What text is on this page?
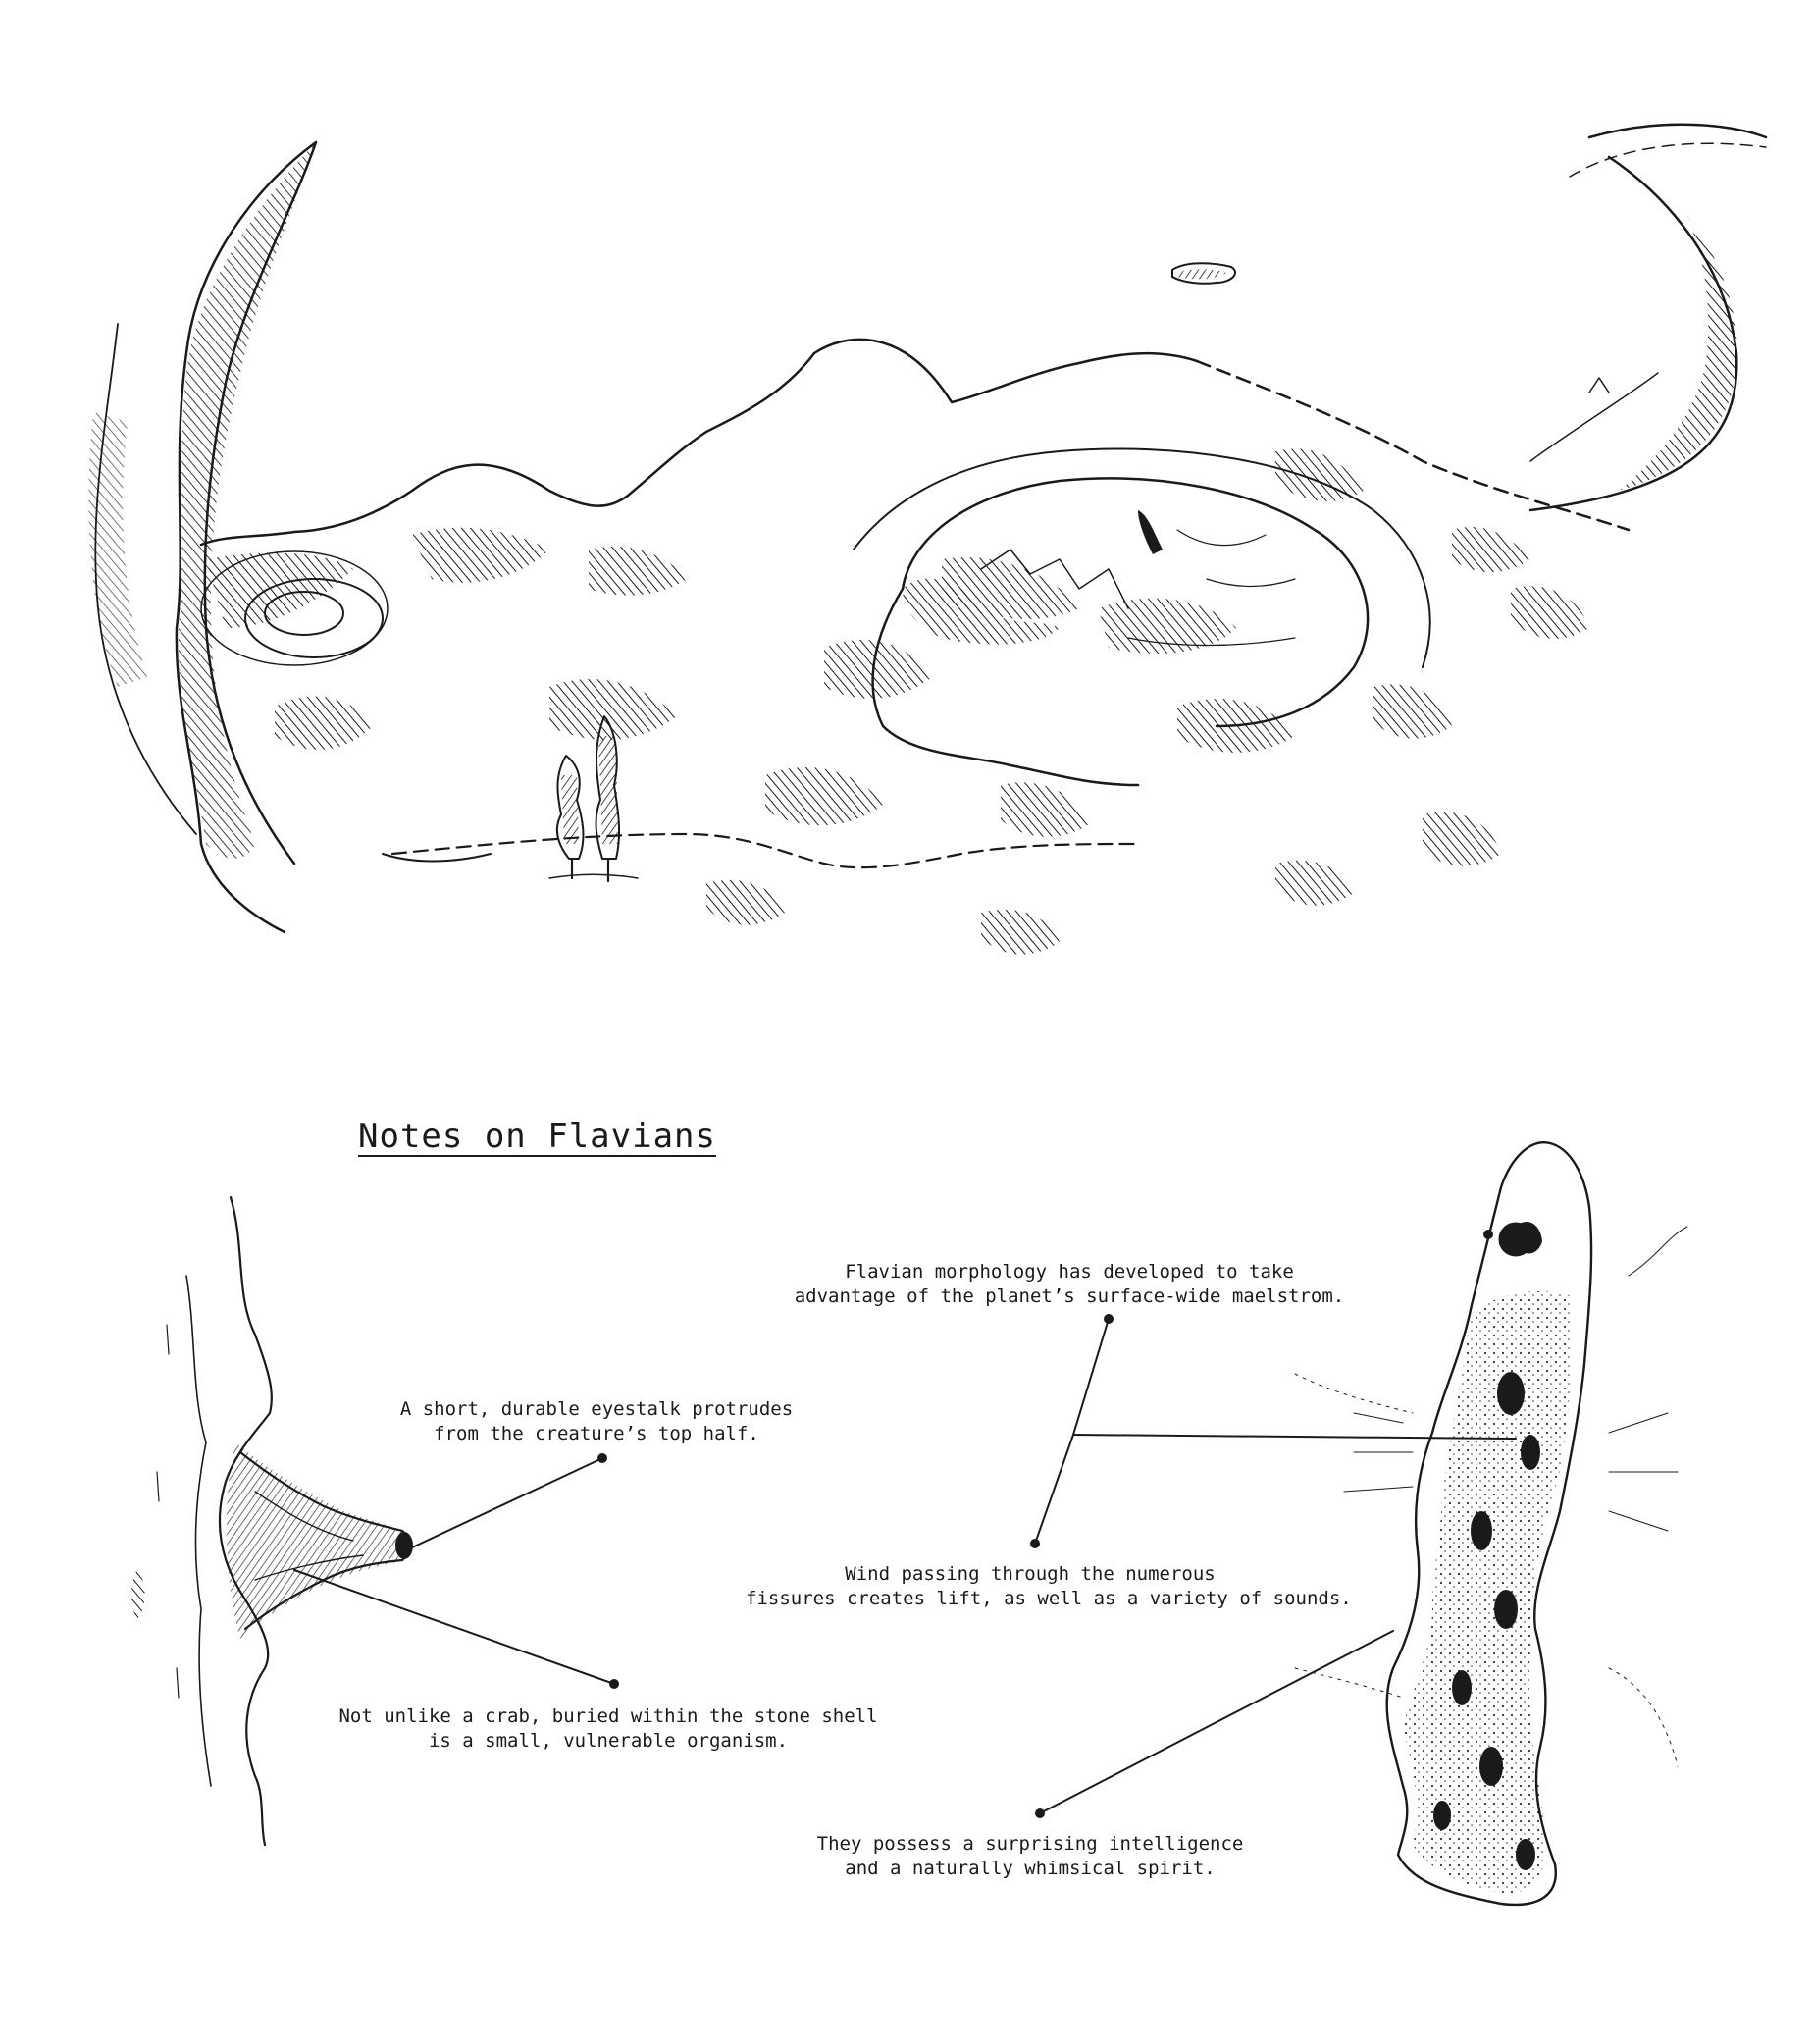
Notes on Flavians
A short, durable eyestalk protrudes
from the creature’s top half.
Not unlike a crab, buried within the stone shell
is a small, vulnerable organism.
Flavian morphology has developed to take
advantage of the planet’s surface-wide maelstrom.
Wind passing through the numerous
fissures creates lift, as well as a variety of sounds.
They possess a surprising intelligence
and a naturally whimsical spirit.
